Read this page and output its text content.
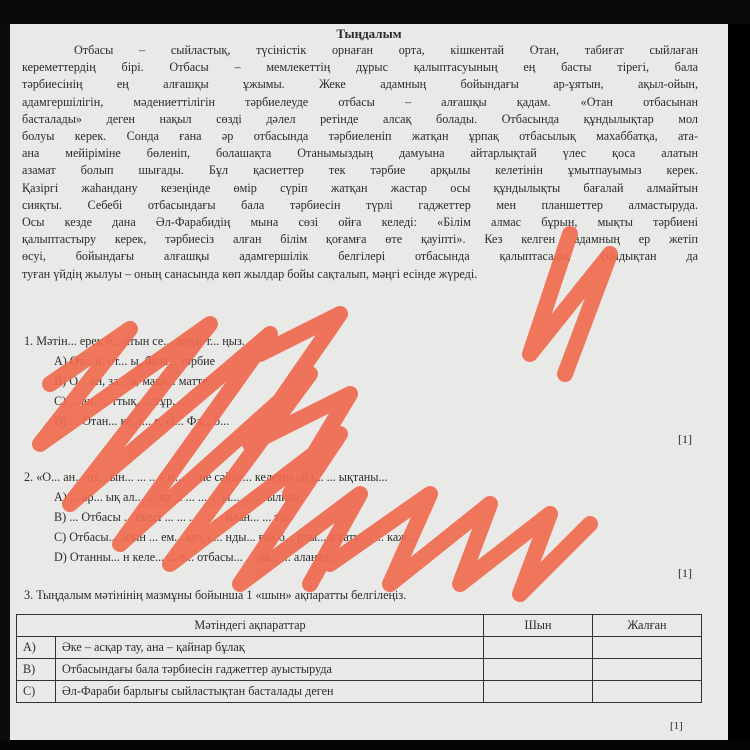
Тыңдалым
Отбасы – сыйластық, түсіністік орнаған орта, кішкентай Отан, табиғат сыйлаған
кереметтердің бірі. Отбасы – мемлекеттің дұрыс қалыптасуының ең басты тірегі, бала
тәрбиесінің ең алғашқы ұжымы. Жеке адамның бойындағы ар-ұятын, ақыл-ойын,
адамгершілігін, мәдениеттілігін тәрбиелеуде отбасы – алғашқы қадам. «Отан отбасынан
басталады» деген нақыл сөзді дәлел ретінде алсақ болады. Отбасында құндылықтар мол
болуы керек. Сонда ғана әр отбасында тәрбиеленіп жатқан ұрпақ отбасылық махаббатқа, ата-
ана мейіріміне бөленіп, болашақта Отанымыздың дамуына айтарлықтай үлес қоса алатын
азамат болып шығады. Бұл қасиеттер тек тәрбие арқылы келетінін ұмытпауымыз керек.
Қазіргі жаһандану кезеңінде өмір сүріп жатқан жастар осы құндылықты бағалай алмайтын
сияқты. Себебі отбасындағы бала тәрбиесін түрлі гаджеттер мен планшеттер алмастыруда.
Осы кезде дана Әл-Фарабидің мына сөзі ойға келеді: «Білім алмас бұрын, мықты тәрбиені
қалыптастыру керек, тәрбиесіз алған білім қоғамға өте қауіпті». Кез келген адамның ер жетіп
өсуі, бойындағы алғашқы адамгершілік белгілері отбасында қалыптасады, сондықтан да
туған үйдің жылуы – оның санасында көп жылдар бойы сақталып, мәңгі есінде жүреді.
1. Мәтін... ерек б... атын се... дерді т... ңыз.
А) От... н, от... ы, бала... тәрбие
В) О... ан, за... а, мақа... матте...
С) ... ан, ... ттық, ... тұр, ...
D) ... Отан... ке, т... е, Ә... Фа... б...
[1]
2. «О... ан... от... ын... ... ...» м... ... не сәйке... келетін ойл... ... ықтаны...
А) ... ар... ық ал... ... ар ... ... ... ... ы... ... ... ылқан.
В) ... Отбасы ... екесі ... ... ... ... ... йлан... ... ты
С) Отбасы... ағын ... ем... кет, с... нды... ған б... рлы... а тату ... ... каж...
D) Отанны... н келе... ... е... отбасы... ... да... ... аланад...
[1]
3. Тыңдалым мәтінінің мазмұны бойынша 1 «шын» ақпаратты белгілеңіз.
Мәтіндегі ақпараттар		Шын	Жалған
А)	Әке – асқар тау, ана – қайнар бұлақ		
В)	Отбасындағы бала тәрбиесін гаджеттер ауыстыруда		
С)	Әл-Фараби барлығы сыйластықтан басталады деген		
[1]
